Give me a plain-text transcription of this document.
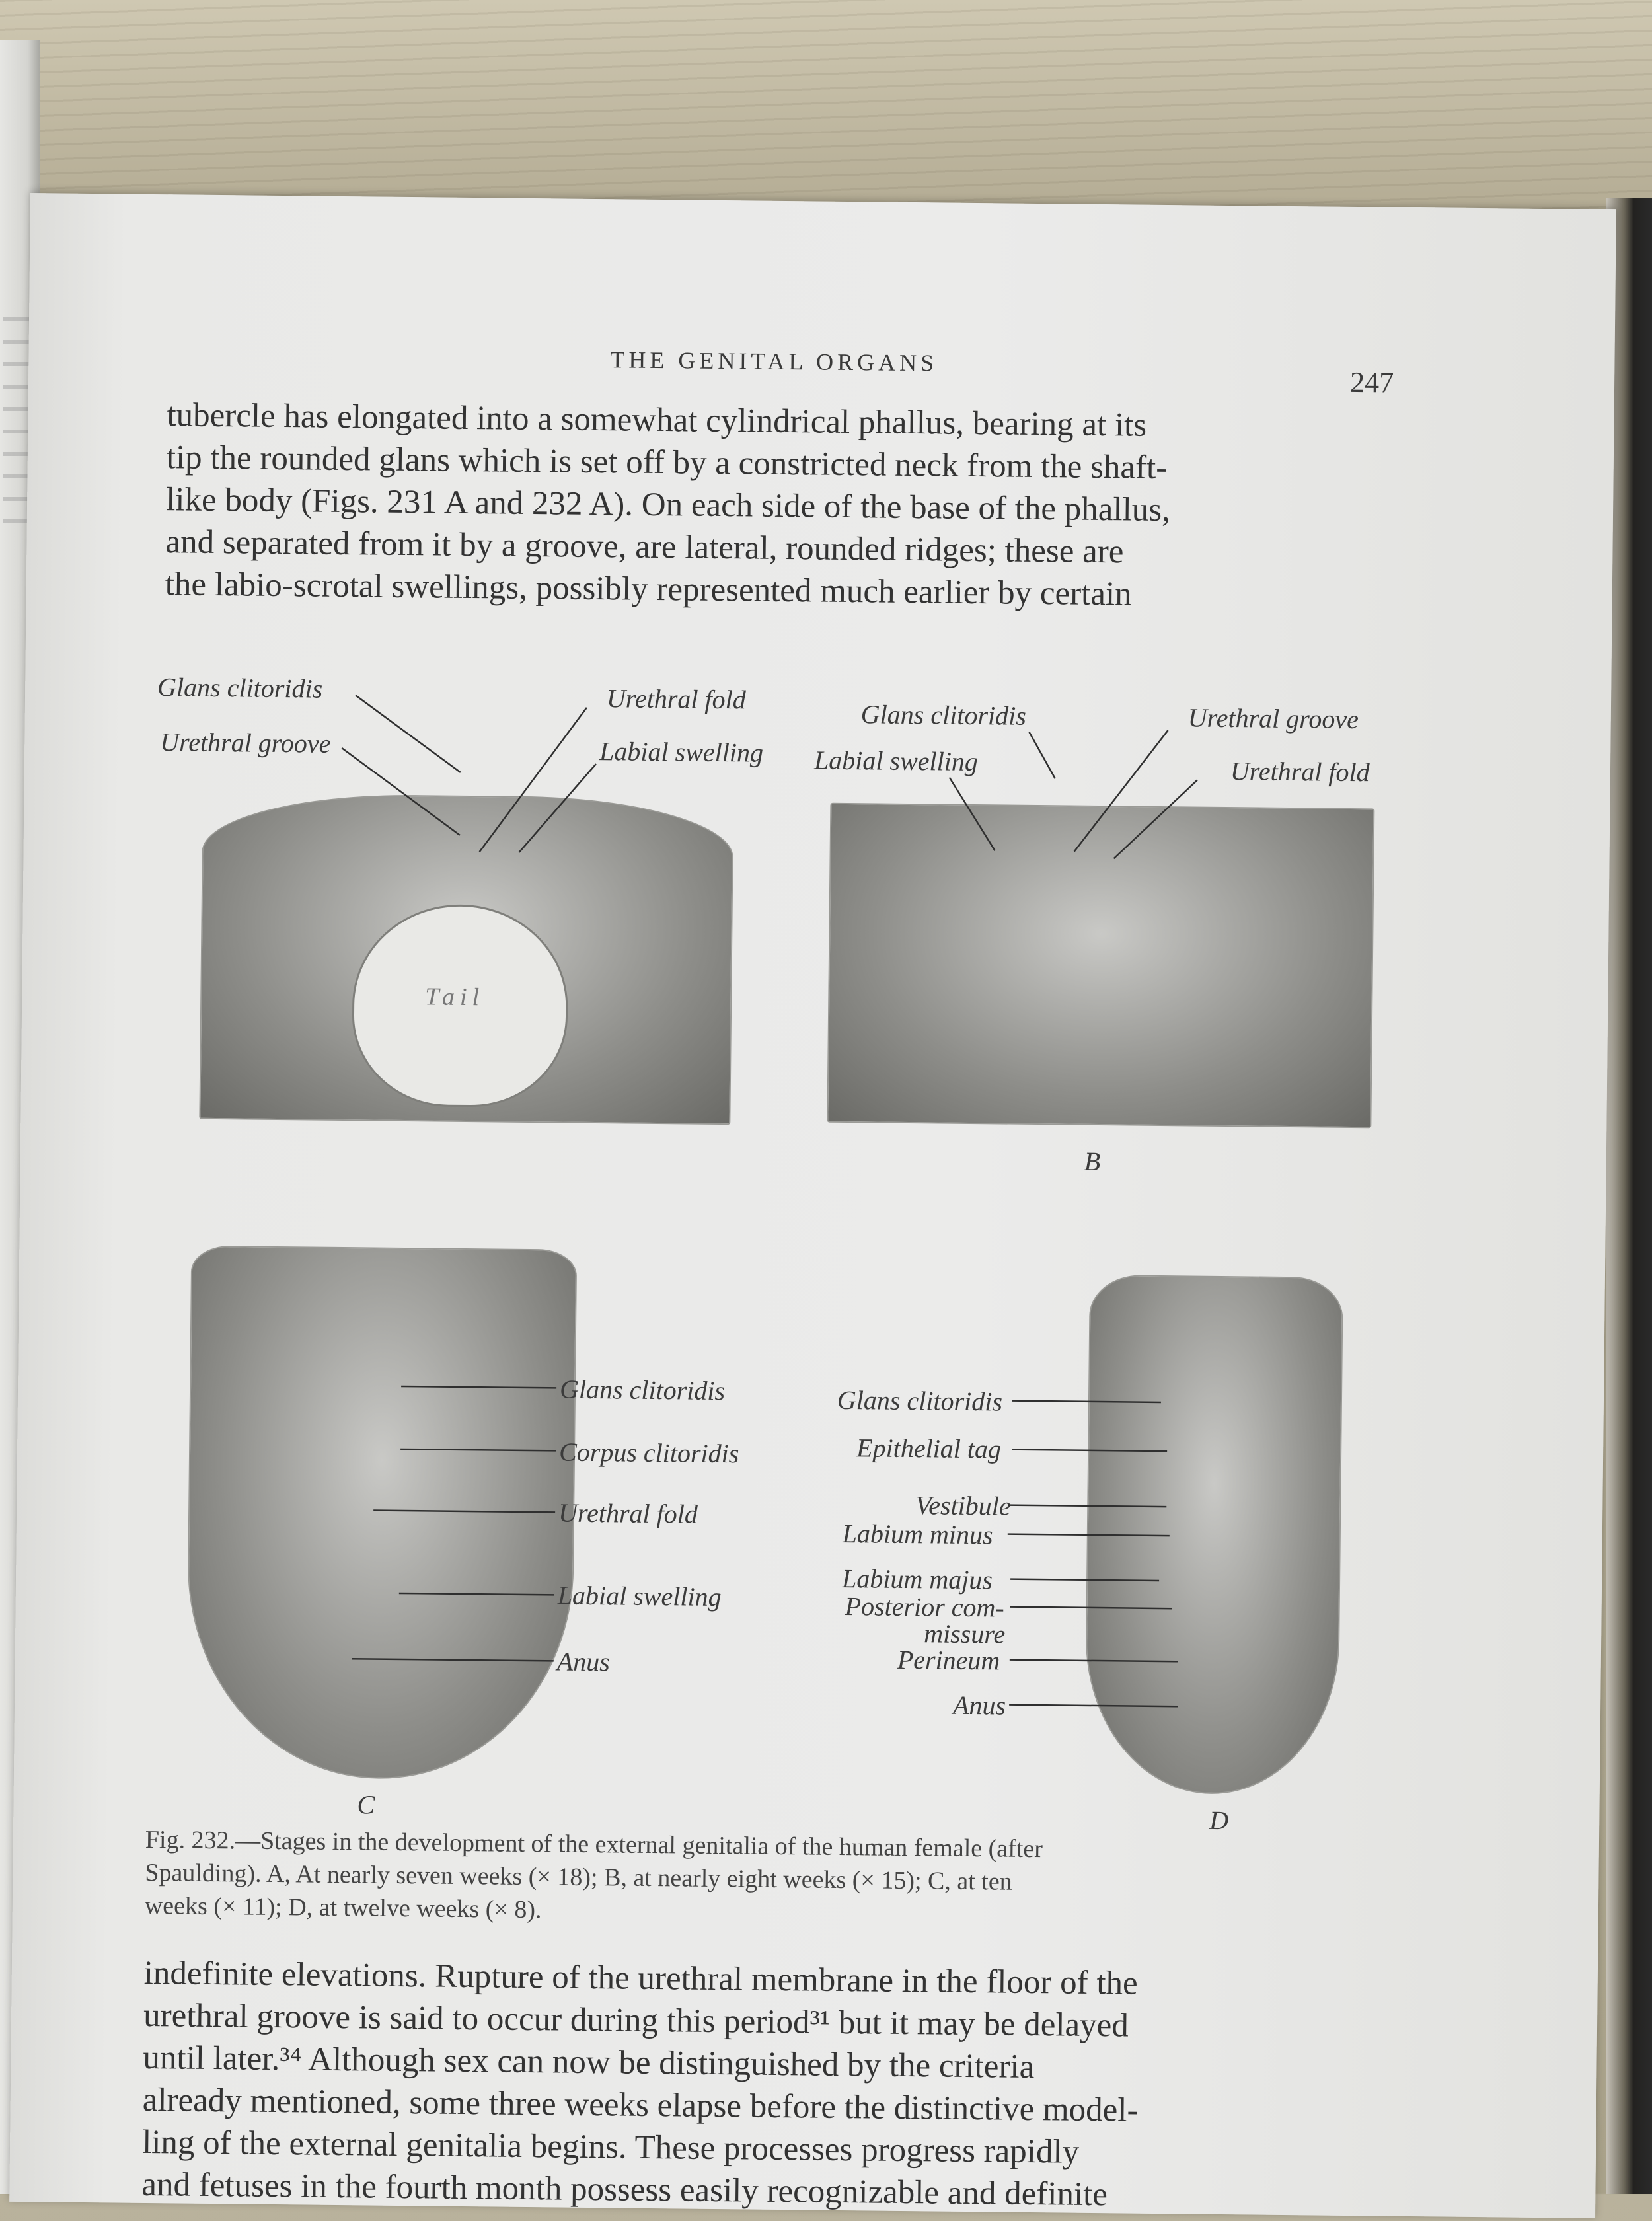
THE GENITAL ORGANS
247
tubercle has elongated into a somewhat cylindrical phallus, bearing at its
tip the rounded glans which is set off by a constricted neck from the shaft-
like body (Figs. 231 A and 232 A). On each side of the base of the phallus,
and separated from it by a groove, are lateral, rounded ridges; these are
the labio-scrotal swellings, possibly represented much earlier by certain
Tail
Glans clitoridis
Urethral groove
Urethral fold
Labial swelling
B
Glans clitoridis
Labial swelling
Urethral groove
Urethral fold
C
Glans clitoridis
Corpus clitoridis
Urethral fold
Labial swelling
Anus
D
Glans clitoridis
Epithelial tag
Vestibule
Labium minus
Labium majus
Posterior com-
missure
Perineum
Anus
Fig. 232.—Stages in the development of the external genitalia of the human female (after
Spaulding). A, At nearly seven weeks (× 18); B, at nearly eight weeks (× 15); C, at ten
weeks (× 11); D, at twelve weeks (× 8).
indefinite elevations. Rupture of the urethral membrane in the floor of the
urethral groove is said to occur during this period³¹ but it may be delayed
until later.³⁴ Although sex can now be distinguished by the criteria
already mentioned, some three weeks elapse before the distinctive model-
ling of the external genitalia begins. These processes progress rapidly
and fetuses in the fourth month possess easily recognizable and definite
